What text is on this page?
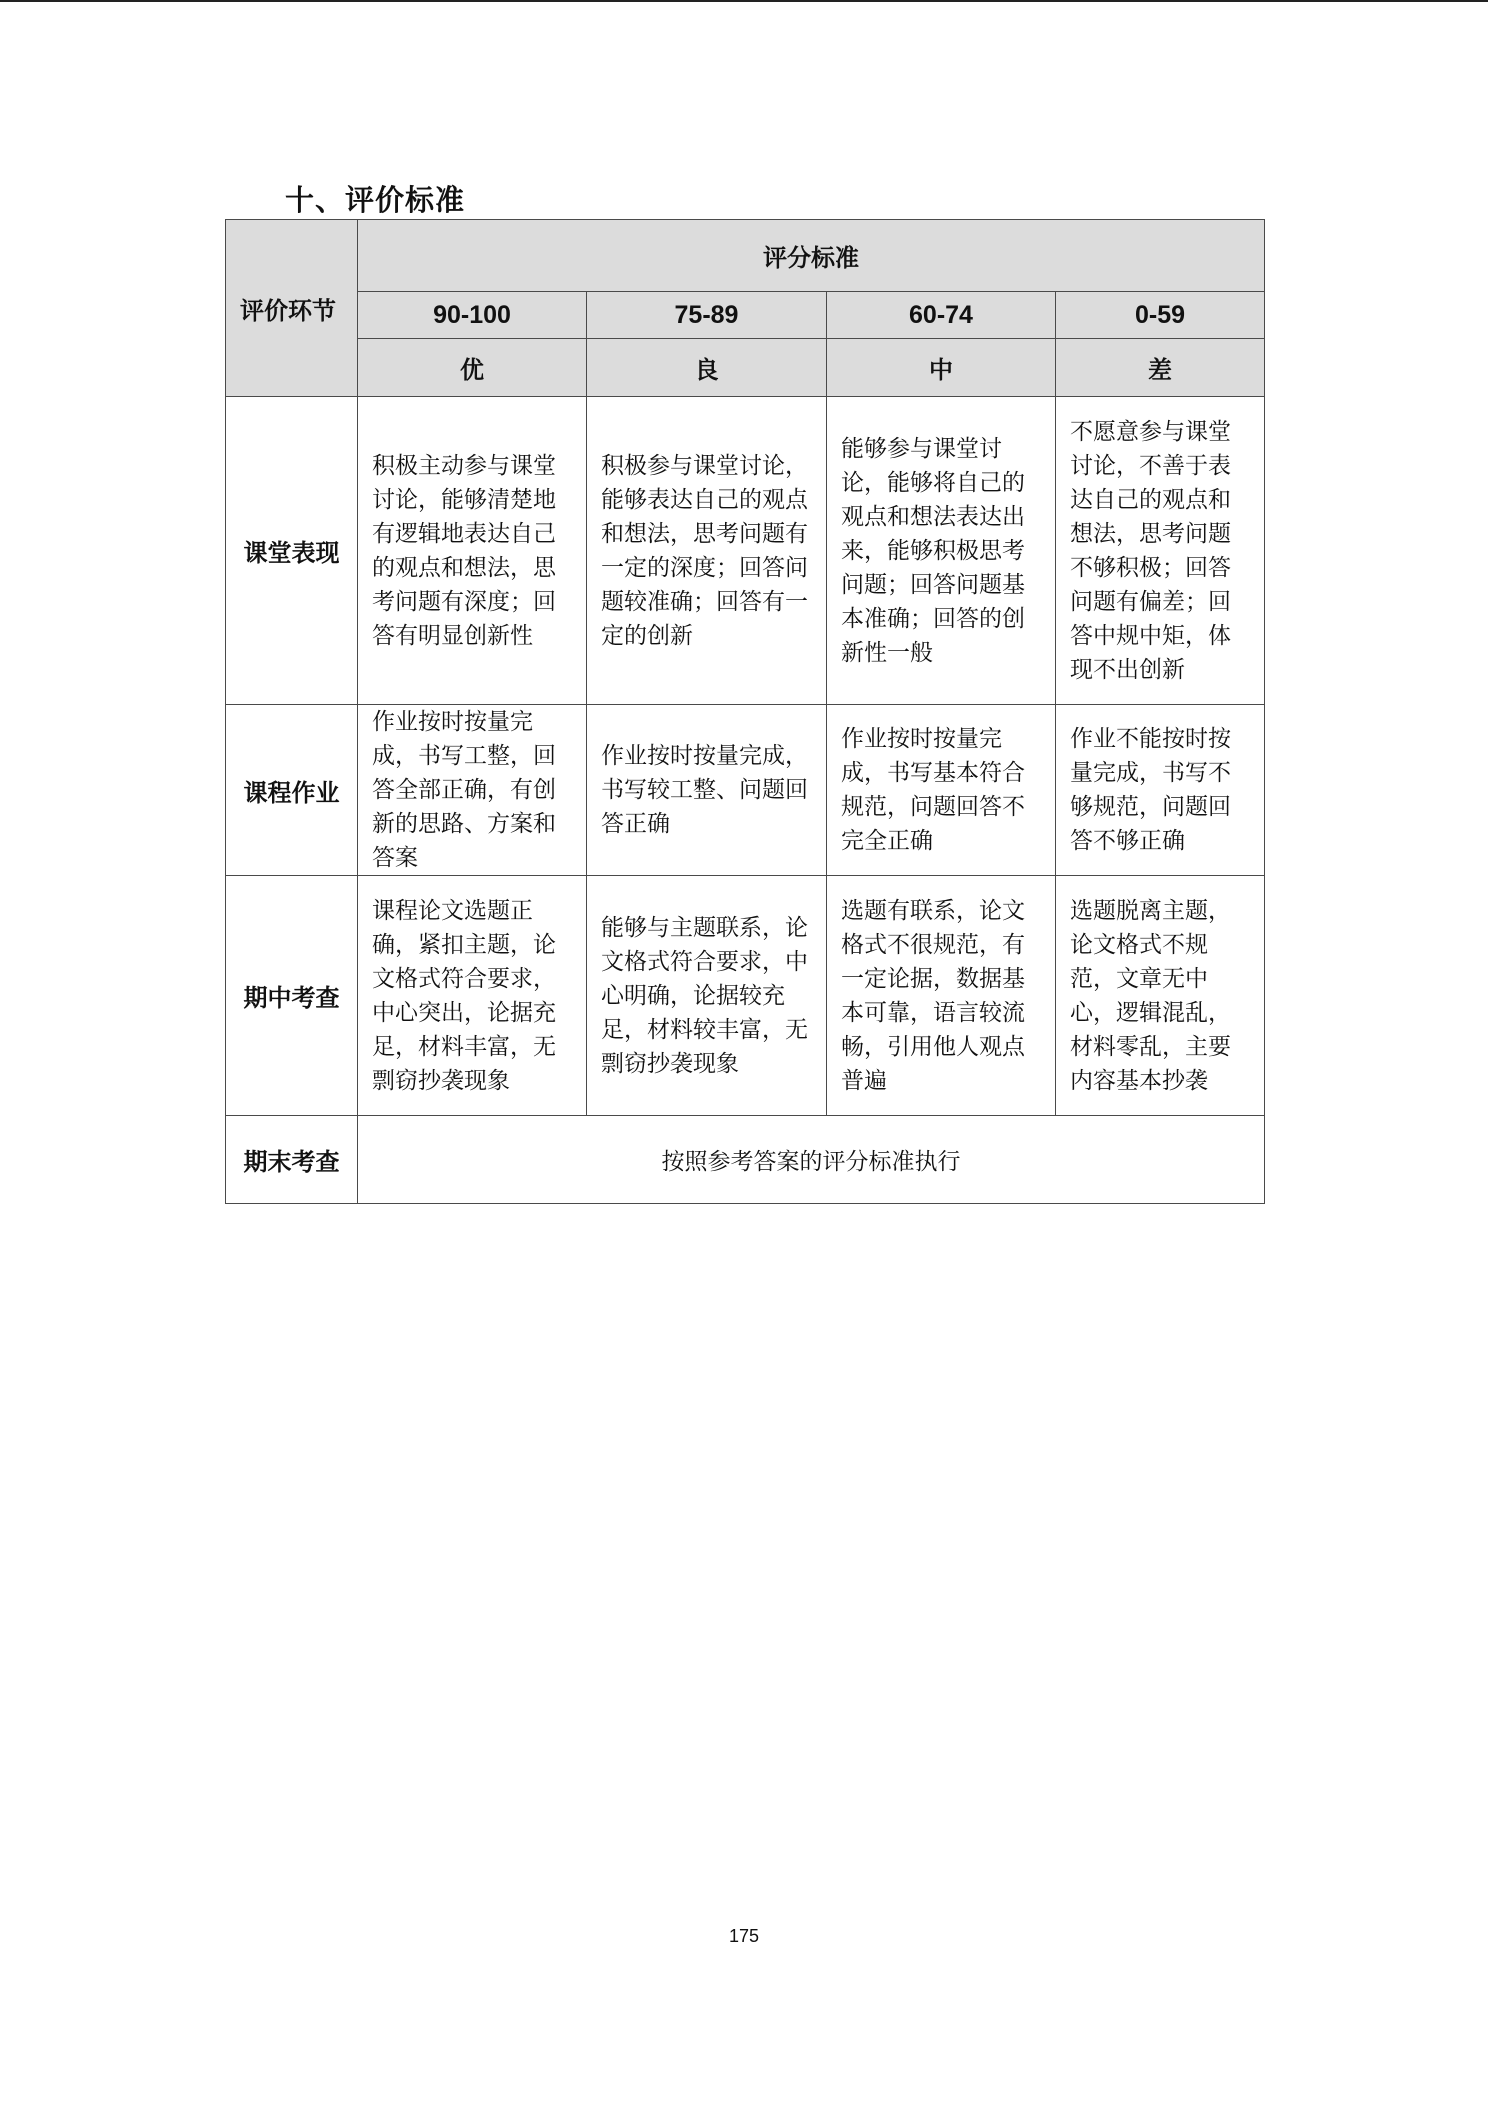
十、评价标准
评价环节	评分标准			
	90-100	75-89	60-74	0-59
	优	良	中	差
课堂表现	积极主动参与课堂讨论，能够清楚地有逻辑地表达自己的观点和想法，思考问题有深度；回答有明显创新性	积极参与课堂讨论，能够表达自己的观点和想法，思考问题有一定的深度；回答问题较准确；回答有一定的创新	能够参与课堂讨论，能够将自己的观点和想法表达出来，能够积极思考问题；回答问题基本准确；回答的创新性一般	不愿意参与课堂讨论，不善于表达自己的观点和想法，思考问题不够积极；回答问题有偏差；回答中规中矩，体现不出创新

课程作业	作业按时按量完成，书写工整，回答全部正确，有创新的思路、方案和答案	作业按时按量完成，书写较工整、问题回答正确	作业按时按量完成，书写基本符合规范，问题回答不完全正确	作业不能按时按量完成，书写不够规范，问题回答不够正确

期中考查	课程论文选题正确，紧扣主题，论文格式符合要求，中心突出，论据充足，材料丰富，无剽窃抄袭现象	能够与主题联系，论文格式符合要求，中心明确，论据较充足，材料较丰富，无剽窃抄袭现象	选题有联系，论文格式不很规范，有一定论据，数据基本可靠，语言较流畅，引用他人观点普遍	选题脱离主题，论文格式不规范，文章无中心，逻辑混乱，材料零乱，主要内容基本抄袭

期末考查	按照参考答案的评分标准执行			
175
